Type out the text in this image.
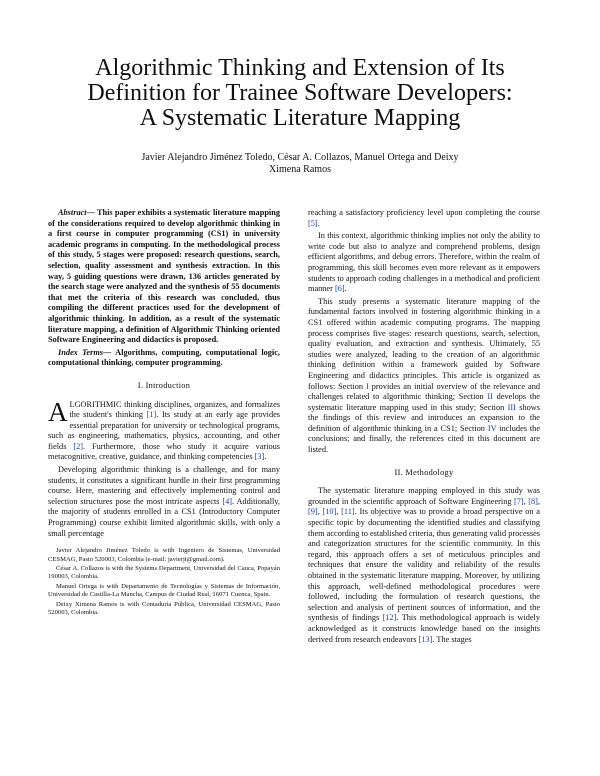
Algorithmic Thinking and Extension of Its
Definition for Trainee Software Developers:
A Systematic Literature Mapping
Javier Alejandro Jiménez Toledo, César A. Collazos, Manuel Ortega and Deixy
Ximena Ramos

Abstract— This paper exhibits a systematic literature mapping of the considerations required to develop algorithmic thinking in a first course in computer programming (CS1) in university academic programs in computing. In the methodological process of this study, 5 stages were proposed: research questions, search, selection, quality assessment and synthesis extraction. In this way, 5 guiding questions were drawn, 136 articles generated by the search stage were analyzed and the synthesis of 55 documents that met the criteria of this research was concluded, thus compiling the different practices used for the development of algorithmic thinking. In addition, as a result of the systematic literature mapping, a definition of Algorithmic Thinking oriented Software Engineering and didactics is proposed.

Index Terms— Algorithms, computing, computational logic, computational thinking, computer programming.

I. Introduction

ALGORITHMIC thinking disciplines, organizes, and formalizes the student's thinking [1]. Its study at an early age provides essential preparation for university or technological programs, such as engineering, mathematics, physics, accounting, and other fields [2]. Furthermore, those who study it acquire various metacognitive, creative, guidance, and thinking competencies [3].

Developing algorithmic thinking is a challenge, and for many students, it constitutes a significant hurdle in their first programming course. Here, mastering and effectively implementing control and selection structures pose the most intricate aspects [4]. Additionally, the majority of students enrolled in a CS1 (Introductory Computer Programming) course exhibit limited algorithmic skills, with only a small percentage

Javier Alejandro Jiménez Toledo is with Ingeniero de Sistemas, Universidad CESMAG, Pasto 520003, Colombia (e-mail: javierjt@gmail.com).

César A. Collazos is with the Systems Department, Universidad del Cauca, Popayán 190003, Colombia.

Manuel Ortega is with Departamento de Tecnologías y Sistemas de Información, Universidad de Castilla-La Mancha, Campus de Ciudad Real, 16071 Cuenca, Spain.

Deixy Ximena Ramos is with Contaduría Pública, Universidad CESMAG, Pasto 520003, Colombia.

reaching a satisfactory proficiency level upon completing the course [5].

In this context, algorithmic thinking implies not only the ability to write code but also to analyze and comprehend problems, design efficient algorithms, and debug errors. Therefore, within the realm of programming, this skill becomes even more relevant as it empowers students to approach coding challenges in a methodical and proficient manner [6].

This study presents a systematic literature mapping of the fundamental factors involved in fostering algorithmic thinking in a CS1 offered within academic computing programs. The mapping process comprises five stages: research questions, search, selection, quality evaluation, and extraction and synthesis. Ultimately, 55 studies were analyzed, leading to the creation of an algorithmic thinking definition within a framework guided by Software Engineering and didactics principles. This article is organized as follows: Section I provides an initial overview of the relevance and challenges related to algorithmic thinking; Section II develops the systematic literature mapping used in this study; Section III shows the findings of this review and introduces an expansion to the definition of algorithmic thinking in a CS1; Section IV includes the conclusions; and finally, the references cited in this document are listed.

II. Methodology

The systematic literature mapping employed in this study was grounded in the scientific approach of Software Engineering [7], [8], [9], [10], [11]. Its objective was to provide a broad perspective on a specific topic by documenting the identified studies and classifying them according to established criteria, thus generating valid processes and categorization structures for the scientific community. In this regard, this approach offers a set of meticulous principles and techniques that ensure the validity and reliability of the results obtained in the systematic literature mapping. Moreover, by utilizing this approach, well-defined methodological procedures were followed, including the formulation of research questions, the selection and analysis of pertinent sources of information, and the synthesis of findings [12]. This methodological approach is widely acknowledged as it constructs knowledge based on the insights derived from research endeavors [13]. The stages
